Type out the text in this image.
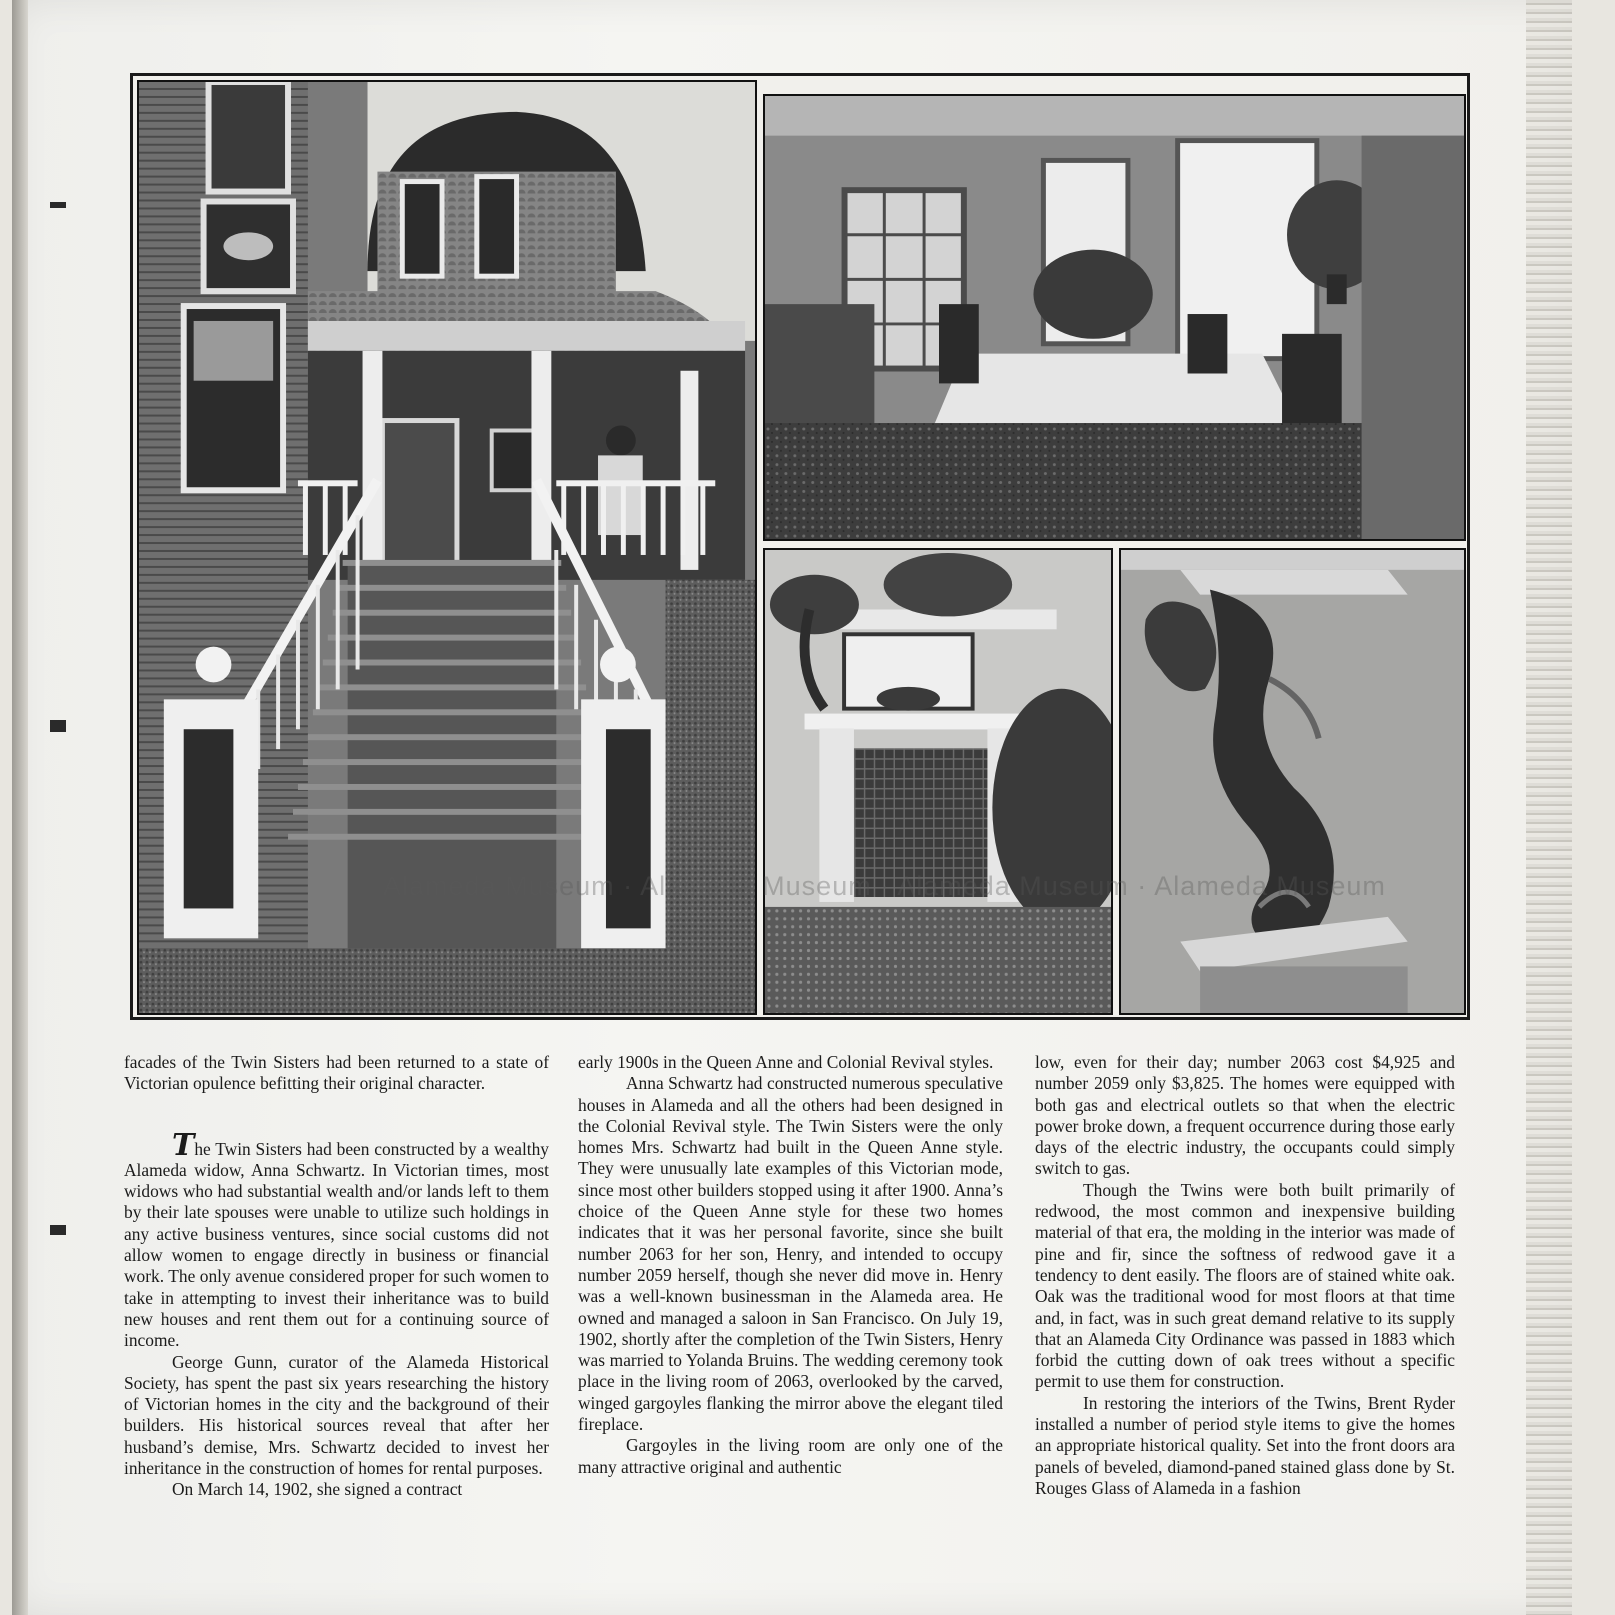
Alameda Museum · Alameda Museum · Alameda Museum · Alameda Museum

facades of the Twin Sisters had been returned to a state of Victorian opulence befitting their original character.

The Twin Sisters had been constructed by a wealthy Alameda widow, Anna Schwartz. In Victorian times, most widows who had substantial wealth and/or lands left to them by their late spouses were unable to utilize such holdings in any active business ventures, since social customs did not allow women to engage directly in business or financial work. The only avenue considered proper for such women to take in attempting to invest their inheritance was to build new houses and rent them out for a continuing source of income.

George Gunn, curator of the Alameda Historical Society, has spent the past six years researching the history of Victorian homes in the city and the background of their builders. His historical sources reveal that after her husband’s demise, Mrs. Schwartz decided to invest her inheritance in the construction of homes for rental purposes.

On March 14, 1902, she signed a contract

early 1900s in the Queen Anne and Colonial Revival styles.

Anna Schwartz had constructed numerous speculative houses in Alameda and all the others had been designed in the Colonial Revival style. The Twin Sisters were the only homes Mrs. Schwartz had built in the Queen Anne style. They were unusually late examples of this Victorian mode, since most other builders stopped using it after 1900. Anna’s choice of the Queen Anne style for these two homes indicates that it was her personal favorite, since she built number 2063 for her son, Henry, and intended to occupy number 2059 herself, though she never did move in. Henry was a well-known businessman in the Alameda area. He owned and managed a saloon in San Francisco. On July 19, 1902, shortly after the completion of the Twin Sisters, Henry was married to Yolanda Bruins. The wedding ceremony took place in the living room of 2063, overlooked by the carved, winged gargoyles flanking the mirror above the elegant tiled fireplace.

Gargoyles in the living room are only one of the many attractive original and authentic

low, even for their day; number 2063 cost $4,925 and number 2059 only $3,825. The homes were equipped with both gas and electrical outlets so that when the electric power broke down, a frequent occurrence during those early days of the electric industry, the occupants could simply switch to gas.

Though the Twins were both built primarily of redwood, the most common and inexpensive building material of that era, the molding in the interior was made of pine and fir, since the softness of redwood gave it a tendency to dent easily. The floors are of stained white oak. Oak was the traditional wood for most floors at that time and, in fact, was in such great demand relative to its supply that an Alameda City Ordinance was passed in 1883 which forbid the cutting down of oak trees without a specific permit to use them for construction.

In restoring the interiors of the Twins, Brent Ryder installed a number of period style items to give the homes an appropriate historical quality. Set into the front doors ara panels of beveled, diamond-paned stained glass done by St. Rouges Glass of Alameda in a fashion
